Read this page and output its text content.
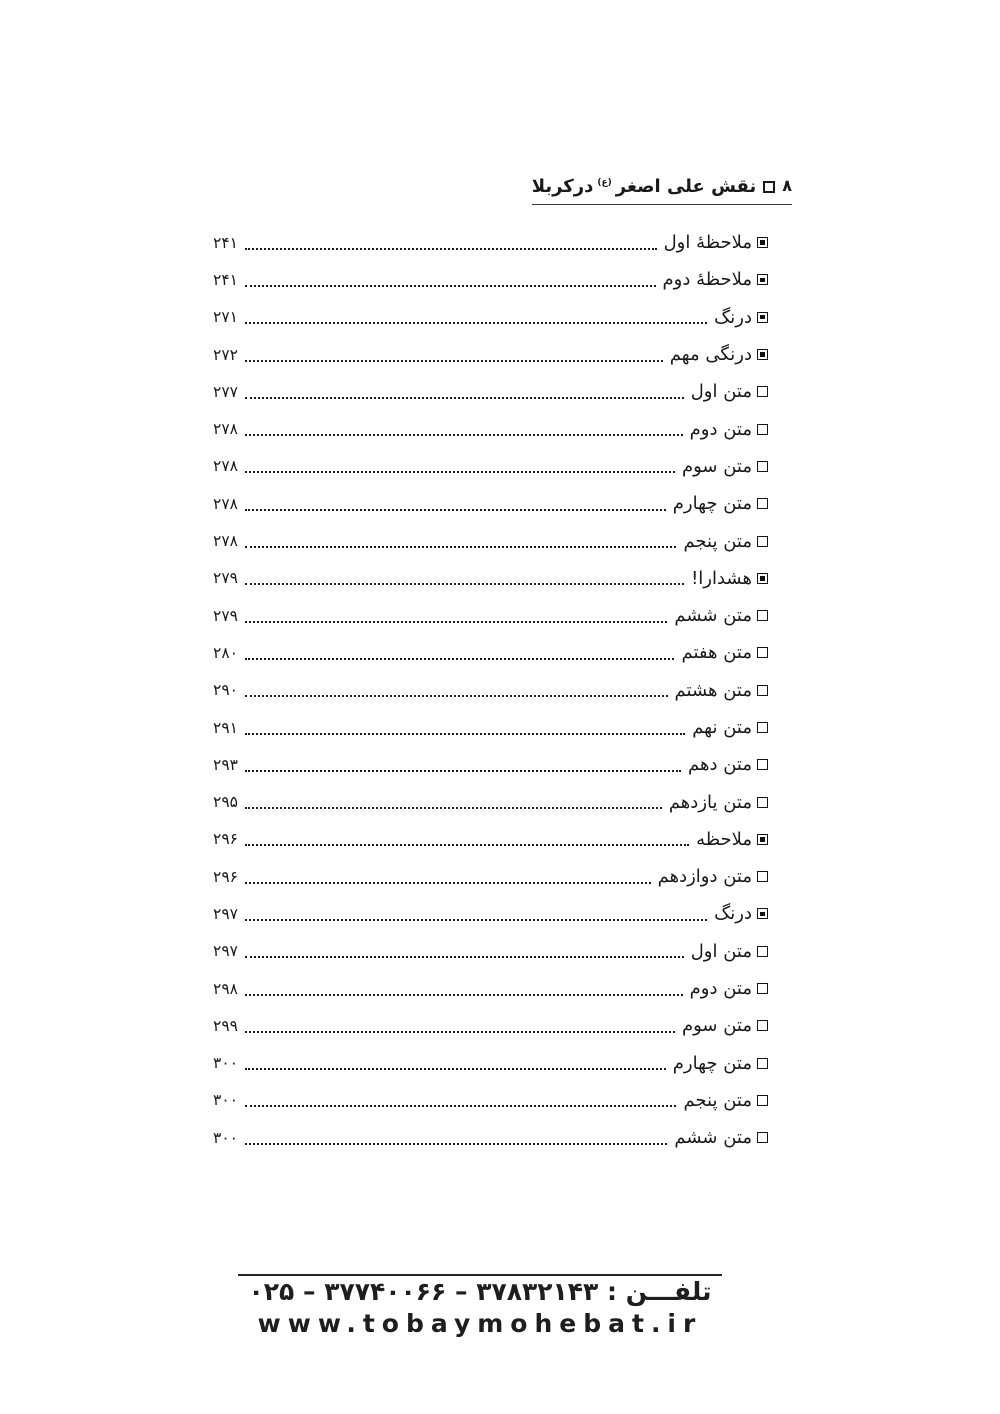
۸
نقش علی اصغر
(ع)
درکربلا
ملاحظهٔ اول
۲۴۱
ملاحظهٔ دوم
۲۴۱
درنگ
۲۷۱
درنگی مهم
۲۷۲
متن اول
۲۷۷
متن دوم
۲۷۸
متن سوم
۲۷۸
متن چهارم
۲۷۸
متن پنجم
۲۷۸
هشدارا!
۲۷۹
متن ششم
۲۷۹
متن هفتم
۲۸۰
متن هشتم
۲۹۰
متن نهم
۲۹۱
متن دهم
۲۹۳
متن یازدهم
۲۹۵
ملاحظه
۲۹۶
متن دوازدهم
۲۹۶
درنگ
۲۹۷
متن اول
۲۹۷
متن دوم
۲۹۸
متن سوم
۲۹۹
متن چهارم
۳۰۰
متن پنجم
۳۰۰
متن ششم
۳۰۰
تلفـــن : ۳۷۸۳۲۱۴۳ – ۳۷۷۴۰۰۶۶ – ۰۲۵
www.tobaymohebat.ir
